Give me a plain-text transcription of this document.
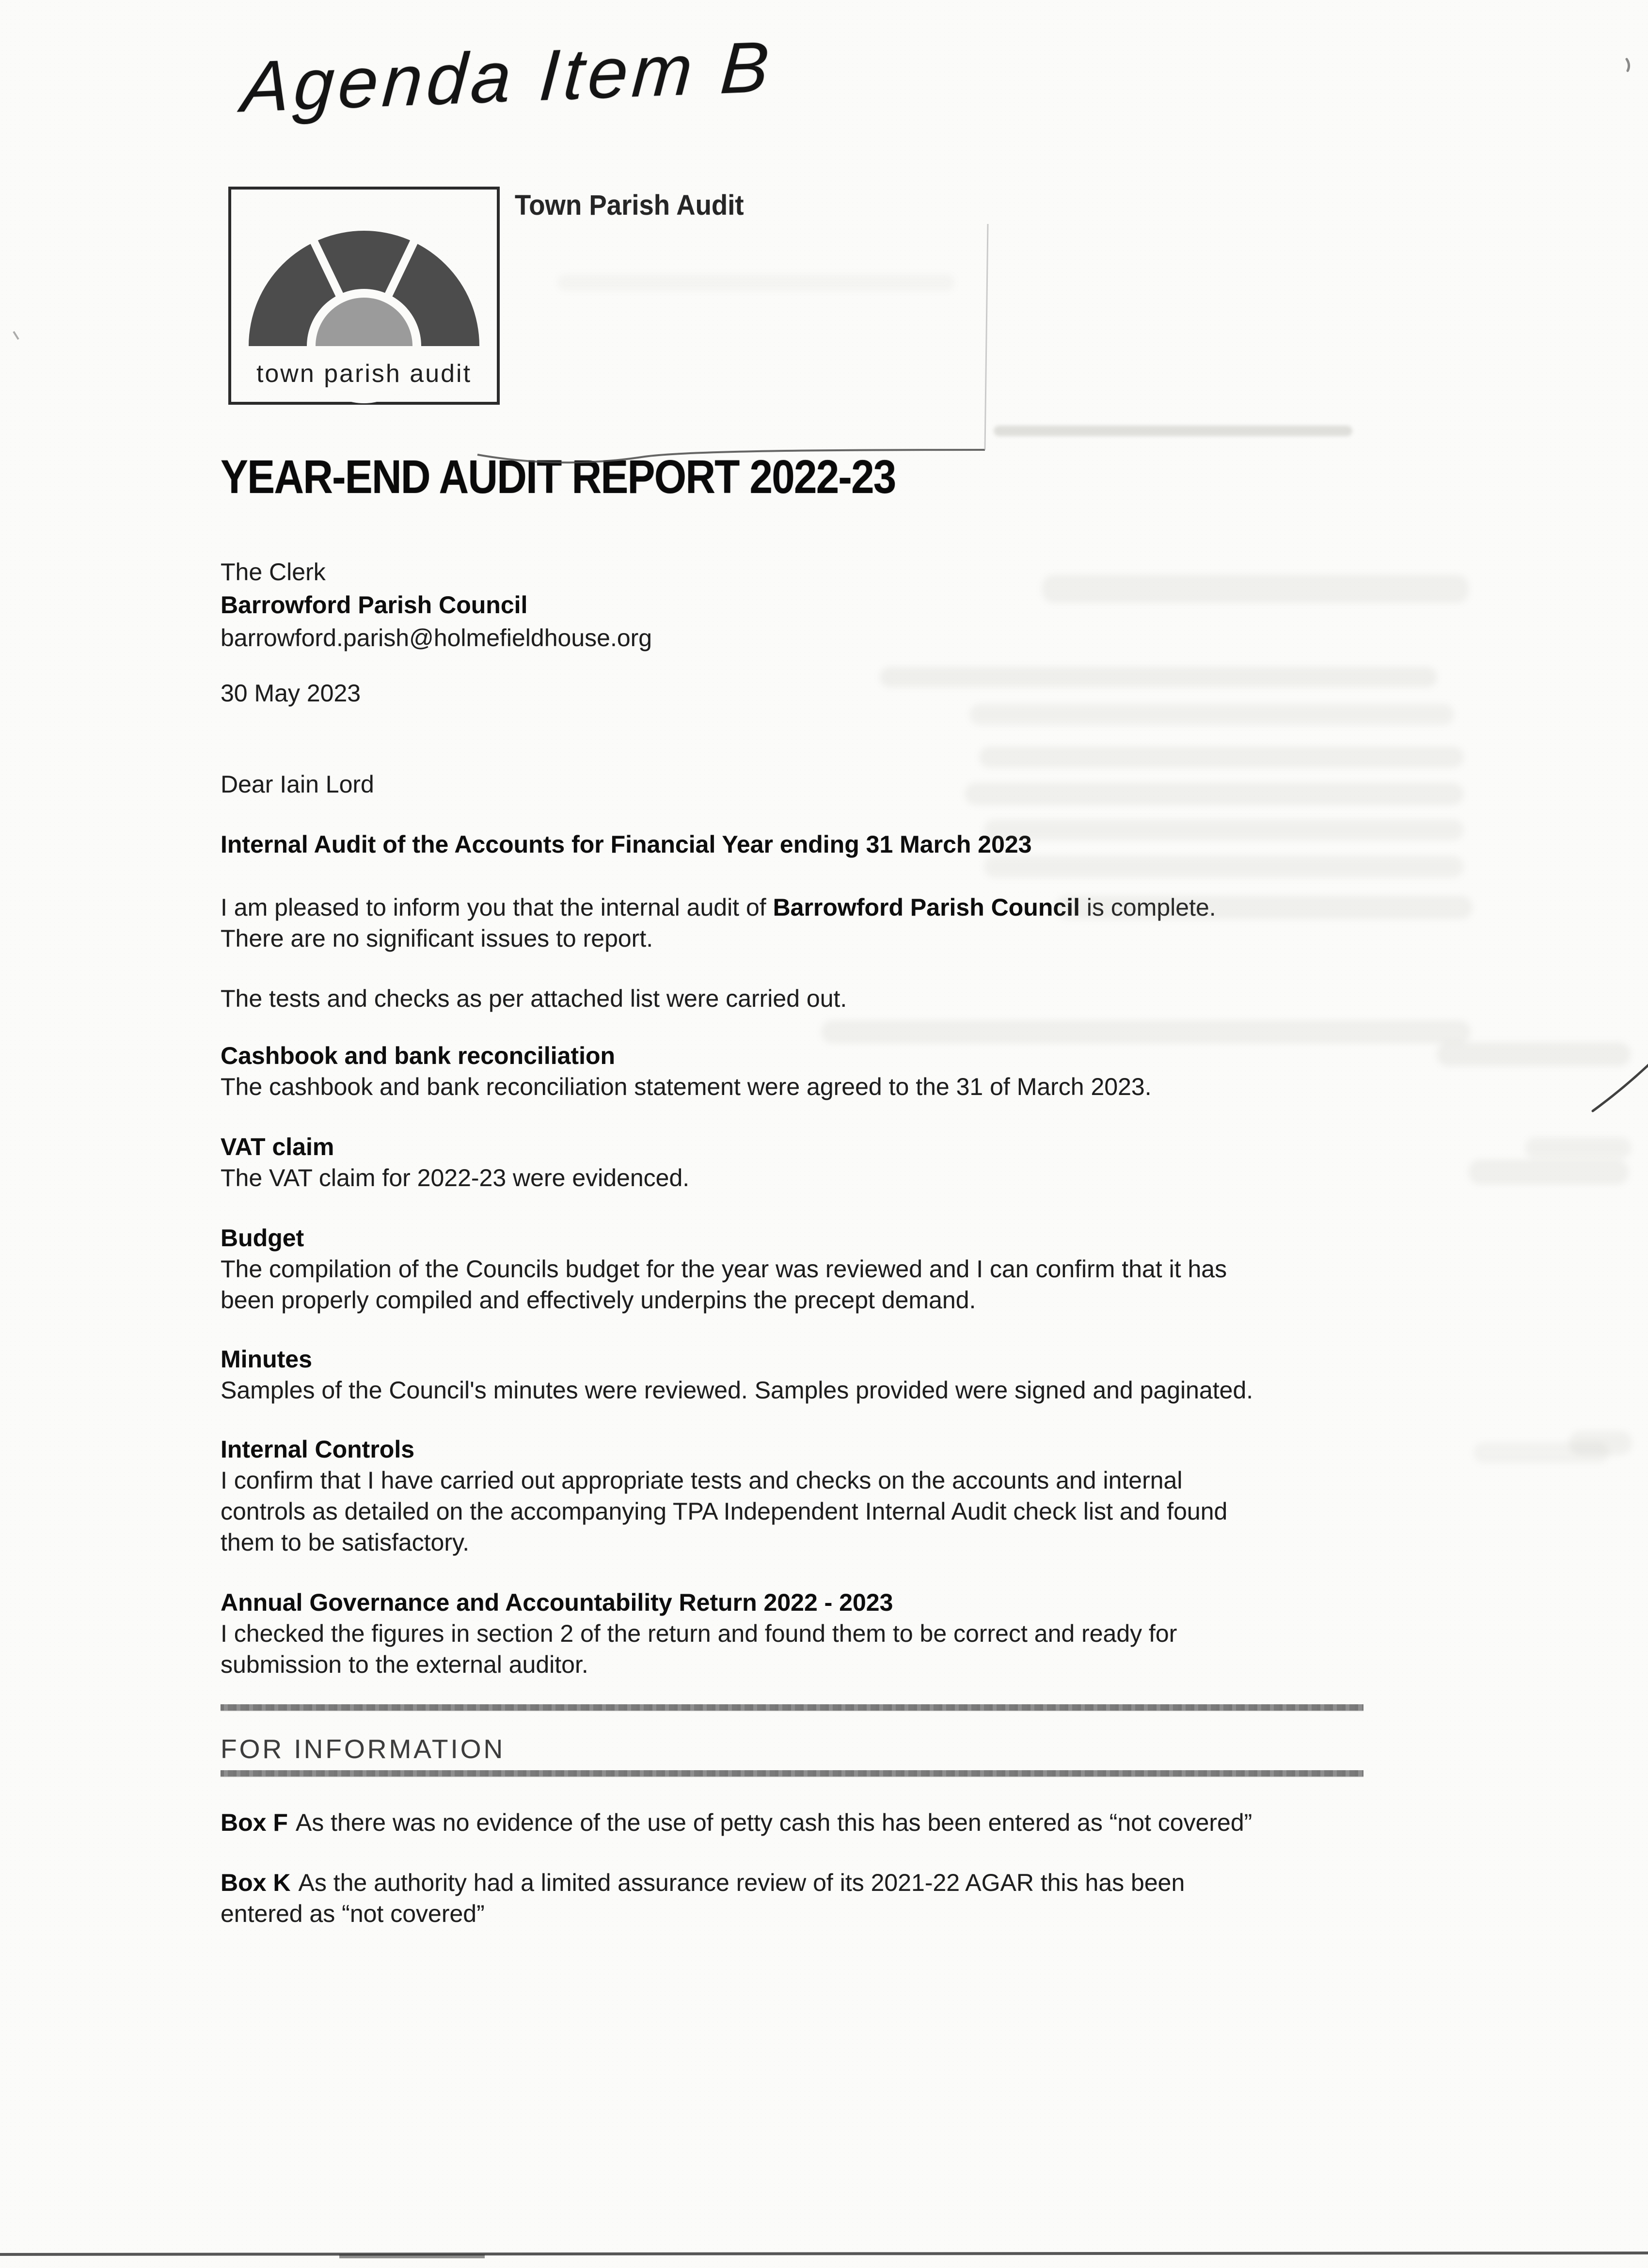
Agenda Item B
town parish audit
Town Parish Audit
YEAR-END AUDIT REPORT 2022-23
The Clerk
Barrowford Parish Council
barrowford.parish@holmefieldhouse.org
30 May 2023
Dear Iain Lord
Internal Audit of the Accounts for Financial Year ending 31 March 2023
I am pleased to inform you that the internal audit of Barrowford Parish Council is complete.
There are no significant issues to report.
The tests and checks as per attached list were carried out.
Cashbook and bank reconciliation
The cashbook and bank reconciliation statement were agreed to the 31 of March 2023.
VAT claim
The VAT claim for 2022-23 were evidenced.
Budget
The compilation of the Councils budget for the year was reviewed and I can confirm that it has
been properly compiled and effectively underpins the precept demand.
Minutes
Samples of the Council's minutes were reviewed. Samples provided were signed and paginated.
Internal Controls
I confirm that I have carried out appropriate tests and checks on the accounts and internal
controls as detailed on the accompanying TPA Independent Internal Audit check list and found
them to be satisfactory.
Annual Governance and Accountability Return 2022 - 2023
I checked the figures in section 2 of the return and found them to be correct and ready for
submission to the external auditor.
FOR INFORMATION
Box F As there was no evidence of the use of petty cash this has been entered as “not covered”
Box K As the authority had a limited assurance review of its 2021-22 AGAR this has been
entered as “not covered”
